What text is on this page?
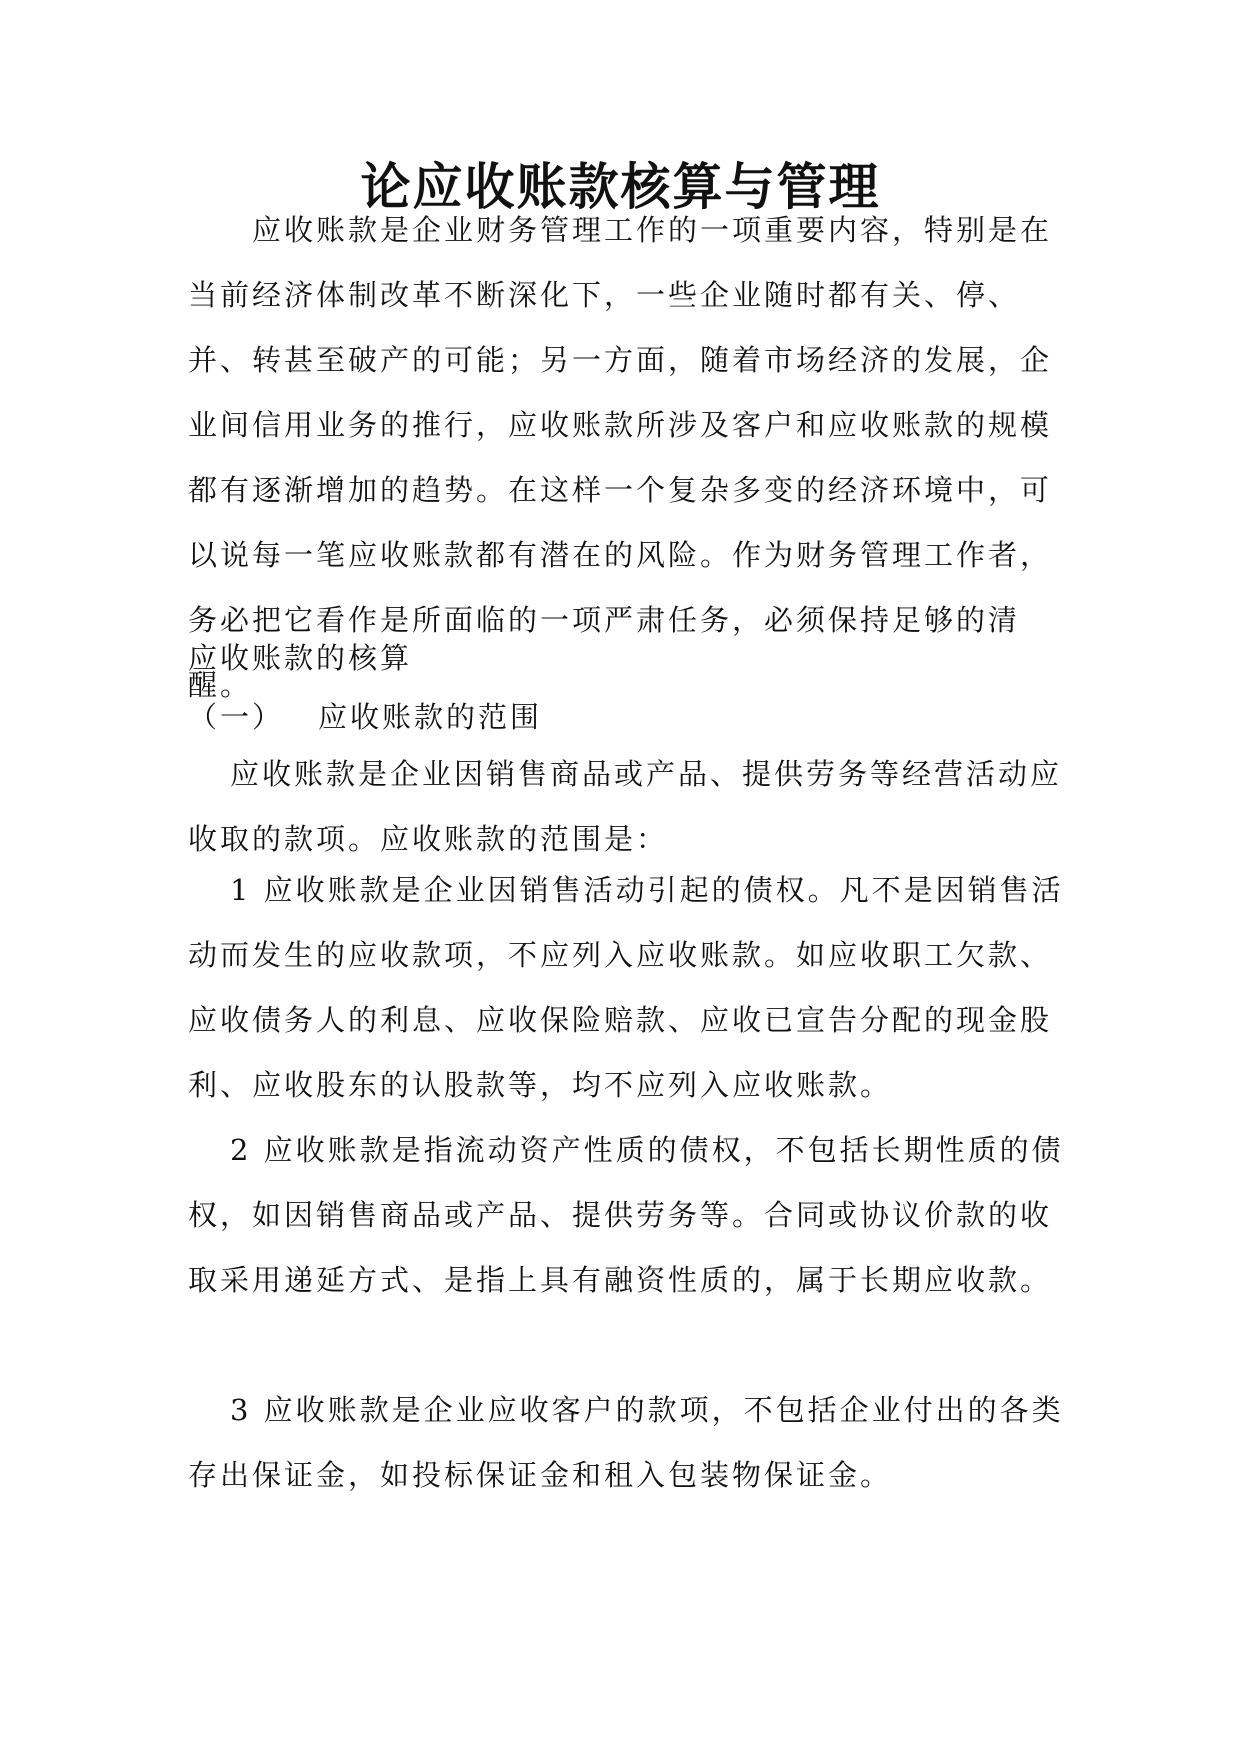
论应收账款核算与管理

应收账款是企业财务管理工作的一项重要内容，特别是在当前经济体制改革不断深化下，一些企业随时都有关、停、并、转甚至破产的可能；另一方面，随着市场经济的发展，企业间信用业务的推行，应收账款所涉及客户和应收账款的规模都有逐渐增加的趋势。在这样一个复杂多变的经济环境中，可以说每一笔应收账款都有潜在的风险。作为财务管理工作者，务必把它看作是所面临的一项严肃任务，必须保持足够的清醒。

应收账款的核算
（一） 应收账款的范围

应收账款是企业因销售商品或产品、提供劳务等经营活动应收取的款项。应收账款的范围是：

1 应收账款是企业因销售活动引起的债权。凡不是因销售活动而发生的应收款项，不应列入应收账款。如应收职工欠款、应收债务人的利息、应收保险赔款、应收已宣告分配的现金股利、应收股东的认股款等，均不应列入应收账款。

2 应收账款是指流动资产性质的债权，不包括长期性质的债权，如因销售商品或产品、提供劳务等。合同或协议价款的收取采用递延方式、是指上具有融资性质的，属于长期应收款。

3 应收账款是企业应收客户的款项，不包括企业付出的各类存出保证金，如投标保证金和租入包装物保证金。
